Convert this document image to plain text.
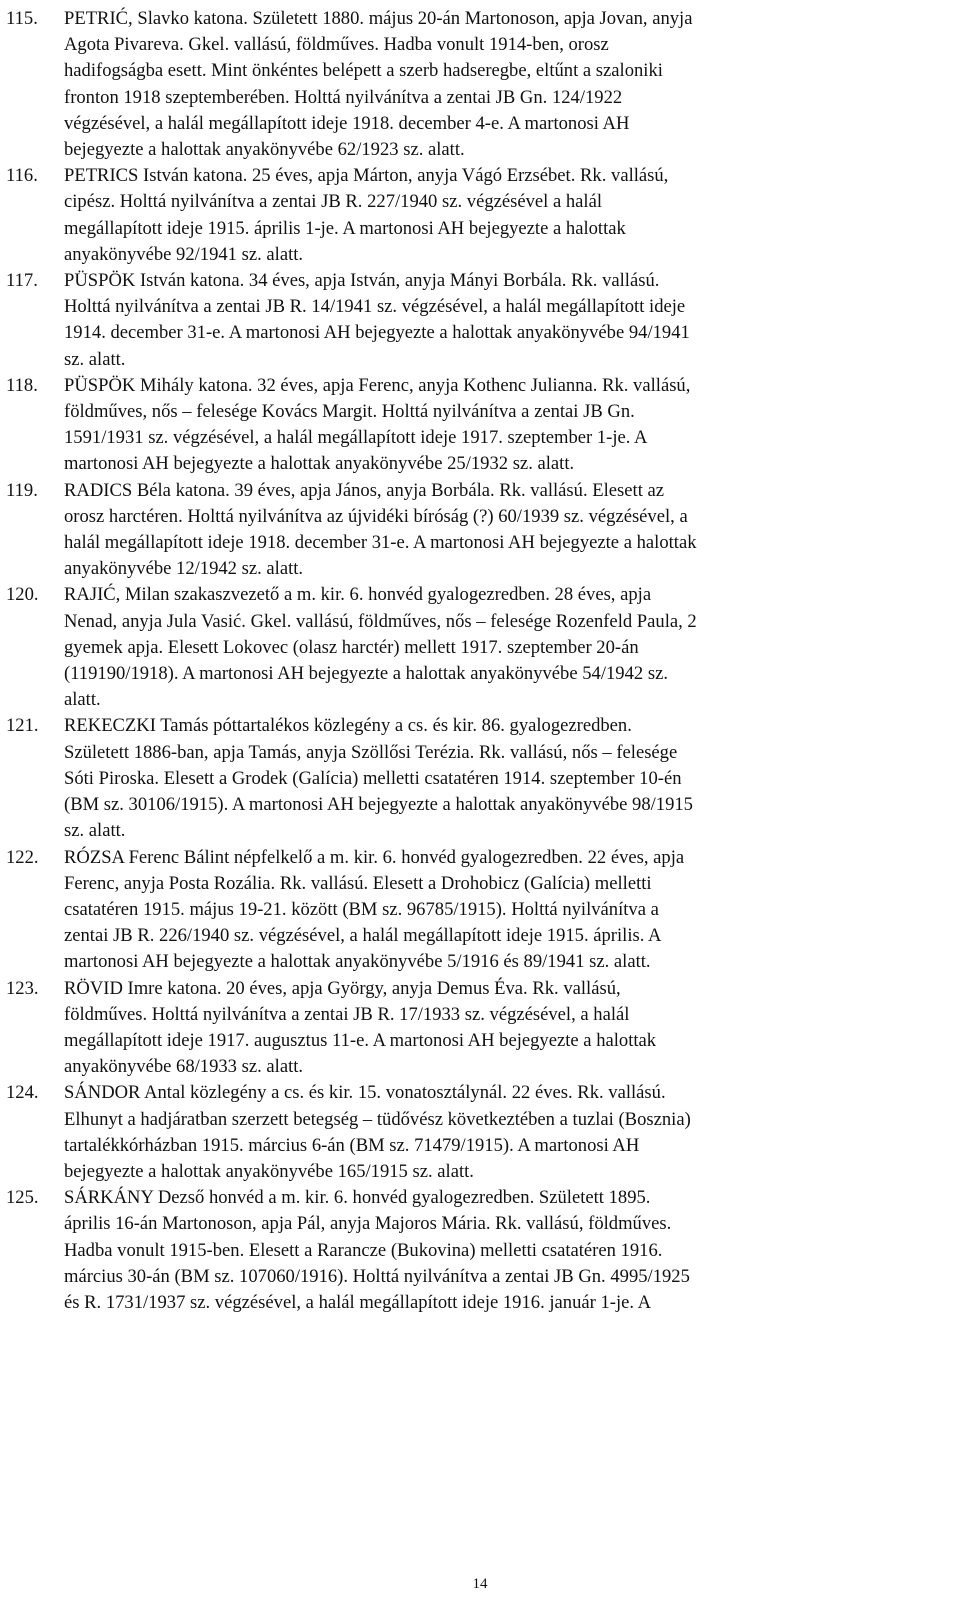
115. PETRIĆ, Slavko katona. Született 1880. május 20-án Martonoson, apja Jovan, anyja
Agota Pivareva. Gkel. vallású, földműves. Hadba vonult 1914-ben, orosz
hadifogságba esett. Mint önkéntes belépett a szerb hadseregbe, eltűnt a szaloniki
fronton 1918 szeptemberében. Holttá nyilvánítva a zentai JB Gn. 124/1922
végzésével, a halál megállapított ideje 1918. december 4-e. A martonosi AH
bejegyezte a halottak anyakönyvébe 62/1923 sz. alatt.
116. PETRICS István katona. 25 éves, apja Márton, anyja Vágó Erzsébet. Rk. vallású,
cipész. Holttá nyilvánítva a zentai JB R. 227/1940 sz. végzésével a halál
megállapított ideje 1915. április 1-je. A martonosi AH bejegyezte a halottak
anyakönyvébe 92/1941 sz. alatt.
117. PÜSPÖK István katona. 34 éves, apja István, anyja Mányi Borbála. Rk. vallású.
Holttá nyilvánítva a zentai JB R. 14/1941 sz. végzésével, a halál megállapított ideje
1914. december 31-e. A martonosi AH bejegyezte a halottak anyakönyvébe 94/1941
sz. alatt.
118. PÜSPÖK Mihály katona. 32 éves, apja Ferenc, anyja Kothenc Julianna. Rk. vallású,
földműves, nős – felesége Kovács Margit. Holttá nyilvánítva a zentai JB Gn.
1591/1931 sz. végzésével, a halál megállapított ideje 1917. szeptember 1-je. A
martonosi AH bejegyezte a halottak anyakönyvébe 25/1932 sz. alatt.
119. RADICS Béla katona. 39 éves, apja János, anyja Borbála. Rk. vallású. Elesett az
orosz harctéren. Holttá nyilvánítva az újvidéki bíróság (?) 60/1939 sz. végzésével, a
halál megállapított ideje 1918. december 31-e. A martonosi AH bejegyezte a halottak
anyakönyvébe 12/1942 sz. alatt.
120. RAJIĆ, Milan szakaszvezető a m. kir. 6. honvéd gyalogezredben. 28 éves, apja
Nenad, anyja Jula Vasić. Gkel. vallású, földműves, nős – felesége Rozenfeld Paula, 2
gyemek apja. Elesett Lokovec (olasz harctér) mellett 1917. szeptember 20-án
(119190/1918). A martonosi AH bejegyezte a halottak anyakönyvébe 54/1942 sz.
alatt.
121. REKECZKI Tamás póttartalékos közlegény a cs. és kir. 86. gyalogezredben.
Született 1886-ban, apja Tamás, anyja Szöllősi Terézia. Rk. vallású, nős – felesége
Sóti Piroska. Elesett a Grodek (Galícia) melletti csatatéren 1914. szeptember 10-én
(BM sz. 30106/1915). A martonosi AH bejegyezte a halottak anyakönyvébe 98/1915
sz. alatt.
122. RÓZSA Ferenc Bálint népfelkelő a m. kir. 6. honvéd gyalogezredben. 22 éves, apja
Ferenc, anyja Posta Rozália. Rk. vallású. Elesett a Drohobicz (Galícia) melletti
csatatéren 1915. május 19-21. között (BM sz. 96785/1915). Holttá nyilvánítva a
zentai JB R. 226/1940 sz. végzésével, a halál megállapított ideje 1915. április. A
martonosi AH bejegyezte a halottak anyakönyvébe 5/1916 és 89/1941 sz. alatt.
123. RÖVID Imre katona. 20 éves, apja György, anyja Demus Éva. Rk. vallású,
földműves. Holttá nyilvánítva a zentai JB R. 17/1933 sz. végzésével, a halál
megállapított ideje 1917. augusztus 11-e. A martonosi AH bejegyezte a halottak
anyakönyvébe 68/1933 sz. alatt.
124. SÁNDOR Antal közlegény a cs. és kir. 15. vonatosztálynál. 22 éves. Rk. vallású.
Elhunyt a hadjáratban szerzett betegség – tüdővész következtében a tuzlai (Bosznia)
tartalékkórházban 1915. március 6-án (BM sz. 71479/1915). A martonosi AH
bejegyezte a halottak anyakönyvébe 165/1915 sz. alatt.
125. SÁRKÁNY Dezső honvéd a m. kir. 6. honvéd gyalogezredben. Született 1895.
április 16-án Martonoson, apja Pál, anyja Majoros Mária. Rk. vallású, földműves.
Hadba vonult 1915-ben. Elesett a Rarancze (Bukovina) melletti csatatéren 1916.
március 30-án (BM sz. 107060/1916). Holttá nyilvánítva a zentai JB Gn. 4995/1925
és R. 1731/1937 sz. végzésével, a halál megállapított ideje 1916. január 1-je. A
14
